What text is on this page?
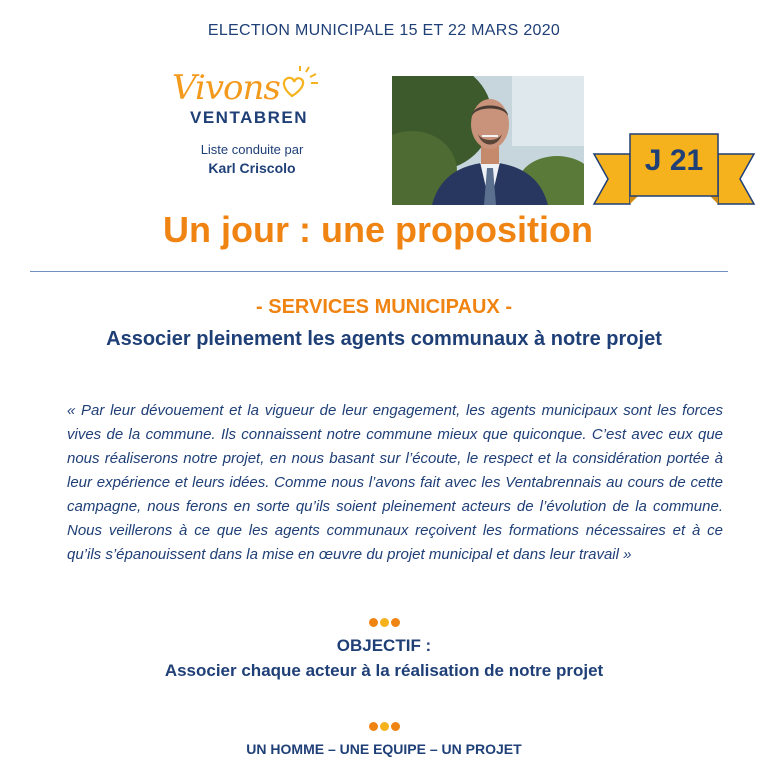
ELECTION MUNICIPALE 15 ET 22 MARS 2020
Vivons
VENTABREN
Liste conduite par
Karl Criscolo	J 21
Un jour : une proposition
- SERVICES MUNICIPAUX -
Associer pleinement les agents communaux à notre projet
« Par leur dévouement et la vigueur de leur engagement, les agents municipaux sont les forces vives de la commune. Ils connaissent notre commune mieux que quiconque. C’est avec eux que nous réaliserons notre projet, en nous basant sur l’écoute, le respect et la considération portée à leur expérience et leurs idées. Comme nous l’avons fait avec les Ventabrennais au cours de cette campagne, nous ferons en sorte qu’ils soient pleinement acteurs de l’évolution de la commune. Nous veillerons à ce que les agents communaux reçoivent les formations nécessaires et à ce qu’ils s’épanouissent dans la mise en œuvre du projet municipal et dans leur travail »
OBJECTIF :
Associer chaque acteur à la réalisation de notre projet
UN HOMME – UNE EQUIPE – UN PROJET
